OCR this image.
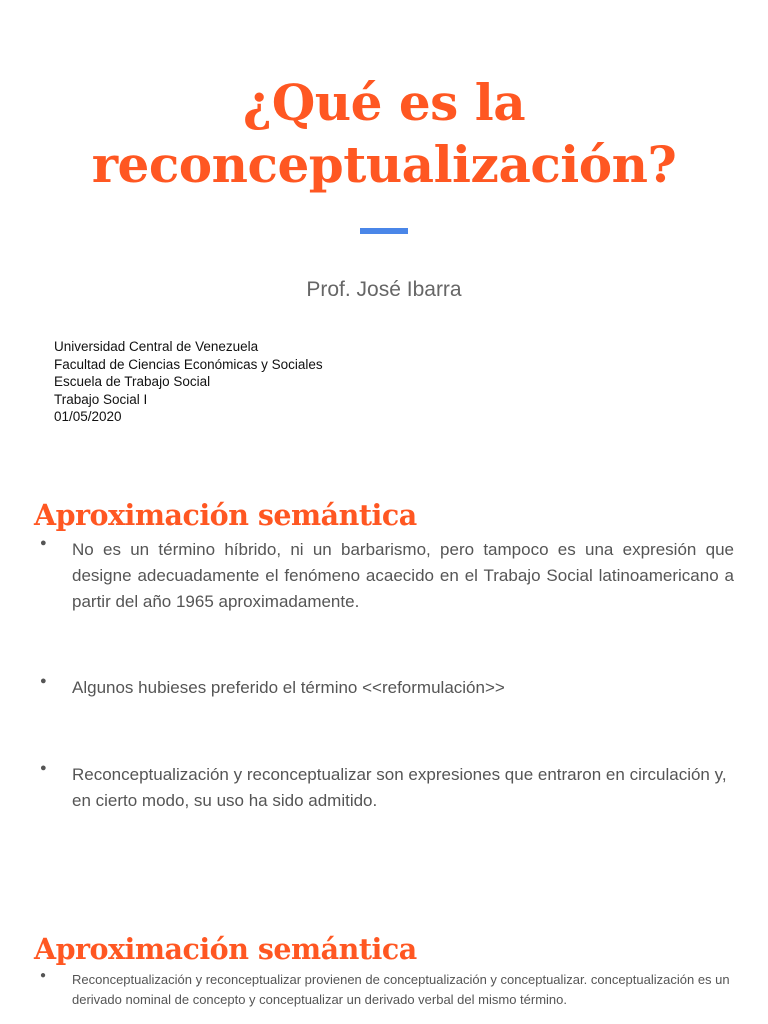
¿Qué es la
reconceptualización?
Prof. José Ibarra
Universidad Central de Venezuela
Facultad de Ciencias Económicas y Sociales
Escuela de Trabajo Social
Trabajo Social I
01/05/2020
Aproximación semántica
●	No es un término híbrido, ni un barbarismo, pero tampoco es una expresión que designe adecuadamente el fenómeno acaecido en el Trabajo Social latinoamericano a partir del año 1965 aproximadamente.
●	Algunos hubieses preferido el término <<reformulación>>
●	Reconceptualización y reconceptualizar son expresiones que entraron en circulación y, en cierto modo, su uso ha sido admitido.
Aproximación semántica
●	Reconceptualización y reconceptualizar provienen de conceptualización y conceptualizar. conceptualización es un derivado nominal de concepto y conceptualizar un derivado verbal del mismo término.
